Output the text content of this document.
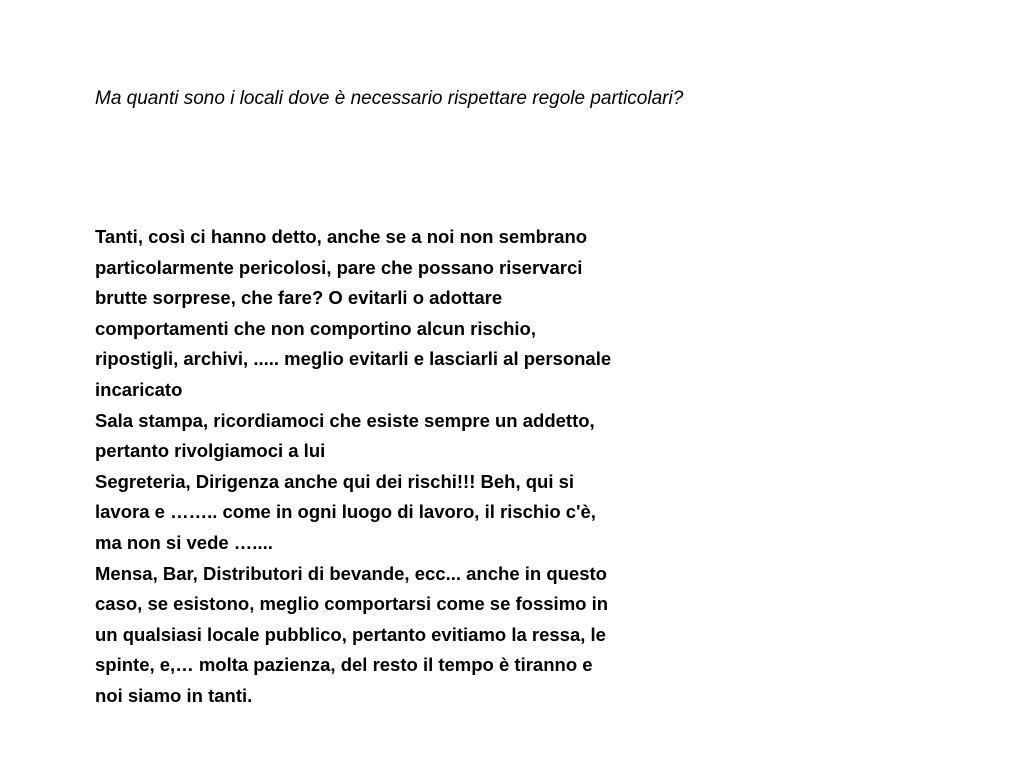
Ma quanti sono i locali dove è necessario rispettare regole particolari?
Tanti, così ci hanno detto, anche se a noi non sembrano
particolarmente pericolosi, pare che possano riservarci
brutte sorprese, che fare? O evitarli o adottare
comportamenti che non comportino alcun rischio,
ripostigli, archivi, ..... meglio evitarli e lasciarli al personale
incaricato
Sala stampa, ricordiamoci che esiste sempre un addetto,
pertanto rivolgiamoci a lui
Segreteria, Dirigenza anche qui dei rischi!!! Beh, qui si
lavora e …….. come in ogni luogo di lavoro, il rischio c'è,
ma non si vede …....
Mensa, Bar, Distributori di bevande, ecc... anche in questo
caso, se esistono, meglio comportarsi come se fossimo in
un qualsiasi locale pubblico, pertanto evitiamo la ressa, le
spinte, e,… molta pazienza, del resto il tempo è tiranno e
noi siamo in tanti.
